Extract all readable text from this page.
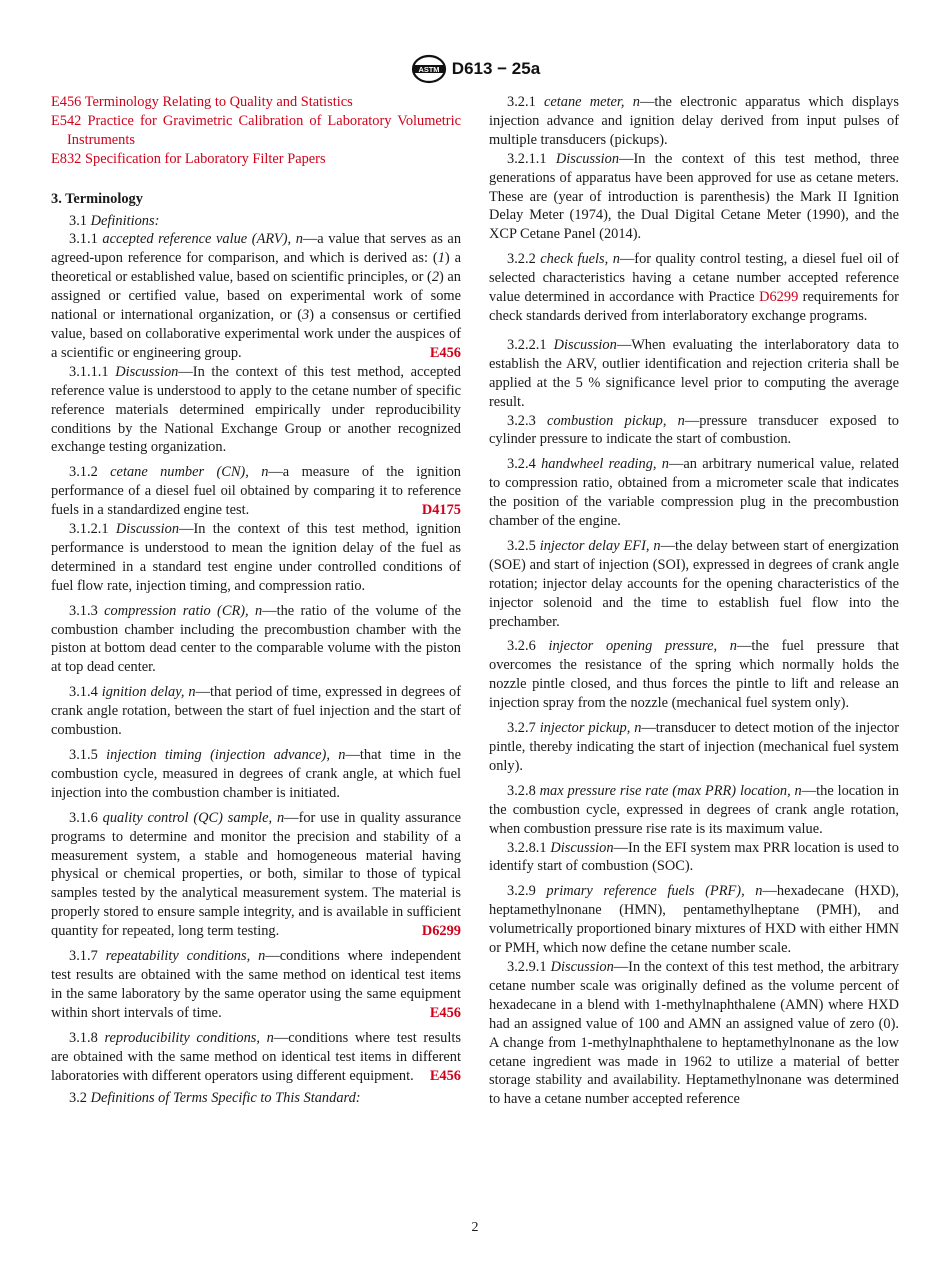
ASTM D613 − 25a

E456 Terminology Relating to Quality and Statistics

E542 Practice for Gravimetric Calibration of Laboratory Volumetric Instruments

E832 Specification for Laboratory Filter Papers

3. Terminology

3.1 Definitions:

3.1.1 accepted reference value (ARV), n—a value that serves as an agreed-upon reference for comparison, and which is derived as: (1) a theoretical or established value, based on scientific principles, or (2) an assigned or certified value, based on experimental work of some national or international organization, or (3) a consensus or certified value, based on collaborative experimental work under the auspices of a scientific or engineering group.	E456

3.1.1.1 Discussion—In the context of this test method, accepted reference value is understood to apply to the cetane number of specific reference materials determined empirically under reproducibility conditions by the National Exchange Group or another recognized exchange testing organization.

3.1.2 cetane number (CN), n—a measure of the ignition performance of a diesel fuel oil obtained by comparing it to reference fuels in a standardized engine test.	D4175

3.1.2.1 Discussion—In the context of this test method, ignition performance is understood to mean the ignition delay of the fuel as determined in a standard test engine under controlled conditions of fuel flow rate, injection timing, and compression ratio.

3.1.3 compression ratio (CR), n—the ratio of the volume of the combustion chamber including the precombustion chamber with the piston at bottom dead center to the comparable volume with the piston at top dead center.

3.1.4 ignition delay, n—that period of time, expressed in degrees of crank angle rotation, between the start of fuel injection and the start of combustion.

3.1.5 injection timing (injection advance), n—that time in the combustion cycle, measured in degrees of crank angle, at which fuel injection into the combustion chamber is initiated.

3.1.6 quality control (QC) sample, n—for use in quality assurance programs to determine and monitor the precision and stability of a measurement system, a stable and homogeneous material having physical or chemical properties, or both, similar to those of typical samples tested by the analytical measurement system. The material is properly stored to ensure sample integrity, and is available in sufficient quantity for repeated, long term testing.	D6299

3.1.7 repeatability conditions, n—conditions where independent test results are obtained with the same method on identical test items in the same laboratory by the same operator using the same equipment within short intervals of time.	E456

3.1.8 reproducibility conditions, n—conditions where test results are obtained with the same method on identical test items in different laboratories with different operators using different equipment. E456

3.2 Definitions of Terms Specific to This Standard:

3.2.1 cetane meter, n—the electronic apparatus which displays injection advance and ignition delay derived from input pulses of multiple transducers (pickups).

3.2.1.1 Discussion—In the context of this test method, three generations of apparatus have been approved for use as cetane meters. These are (year of introduction is parenthesis) the Mark II Ignition Delay Meter (1974), the Dual Digital Cetane Meter (1990), and the XCP Cetane Panel (2014).

3.2.2 check fuels, n—for quality control testing, a diesel fuel oil of selected characteristics having a cetane number accepted reference value determined in accordance with Practice D6299 requirements for check standards derived from interlaboratory exchange programs.

3.2.2.1 Discussion—When evaluating the interlaboratory data to establish the ARV, outlier identification and rejection criteria shall be applied at the 5 % significance level prior to computing the average result.

3.2.3 combustion pickup, n—pressure transducer exposed to cylinder pressure to indicate the start of combustion.

3.2.4 handwheel reading, n—an arbitrary numerical value, related to compression ratio, obtained from a micrometer scale that indicates the position of the variable compression plug in the precombustion chamber of the engine.

3.2.5 injector delay EFI, n—the delay between start of energization (SOE) and start of injection (SOI), expressed in degrees of crank angle rotation; injector delay accounts for the opening characteristics of the injector solenoid and the time to establish fuel flow into the prechamber.

3.2.6 injector opening pressure, n—the fuel pressure that overcomes the resistance of the spring which normally holds the nozzle pintle closed, and thus forces the pintle to lift and release an injection spray from the nozzle (mechanical fuel system only).

3.2.7 injector pickup, n—transducer to detect motion of the injector pintle, thereby indicating the start of injection (mechanical fuel system only).

3.2.8 max pressure rise rate (max PRR) location, n—the location in the combustion cycle, expressed in degrees of crank angle rotation, when combustion pressure rise rate is its maximum value.

3.2.8.1 Discussion—In the EFI system max PRR location is used to identify start of combustion (SOC).

3.2.9 primary reference fuels (PRF), n—hexadecane (HXD), heptamethylnonane (HMN), pentamethylheptane (PMH), and volumetrically proportioned binary mixtures of HXD with either HMN or PMH, which now define the cetane number scale.

3.2.9.1 Discussion—In the context of this test method, the arbitrary cetane number scale was originally defined as the volume percent of hexadecane in a blend with 1-methylnaphthalene (AMN) where HXD had an assigned value of 100 and AMN an assigned value of zero (0). A change from 1-methylnaphthalene to heptamethylnonane as the low cetane ingredient was made in 1962 to utilize a material of better storage stability and availability. Heptamethylnonane was determined to have a cetane number accepted reference

2
